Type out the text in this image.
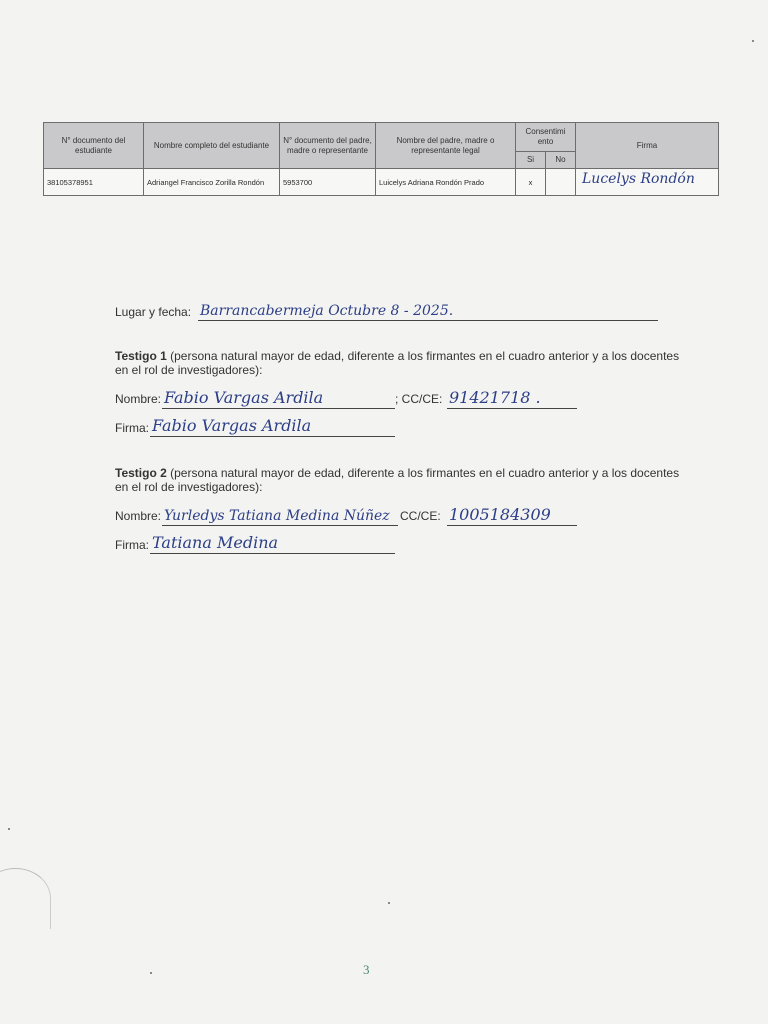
N° documento del estudiante	Nombre completo del estudiante	N° documento del padre, madre o representante	Nombre del padre, madre o representante legal	Consentimi ento		Firma
				Si	No	
38105378951	Adriangel Francisco Zorilla Rondón	5953700	Luicelys Adriana Rondón Prado	x		Lucelys Rondón
Lugar y fecha: Barrancabermeja Octubre 8 - 2025.
Testigo 1 (persona natural mayor de edad, diferente a los firmantes en el cuadro anterior y a los docentes en el rol de investigadores):
Nombre: Fabio Vargas Ardila	; CC/CE: 91421718 .
Firma: Fabio Vargas Ardila
Testigo 2 (persona natural mayor de edad, diferente a los firmantes en el cuadro anterior y a los docentes en el rol de investigadores):
Nombre: Yurledys Tatiana Medina Núñez CC/CE: 1005184309
Firma: Tatiana Medina
3
